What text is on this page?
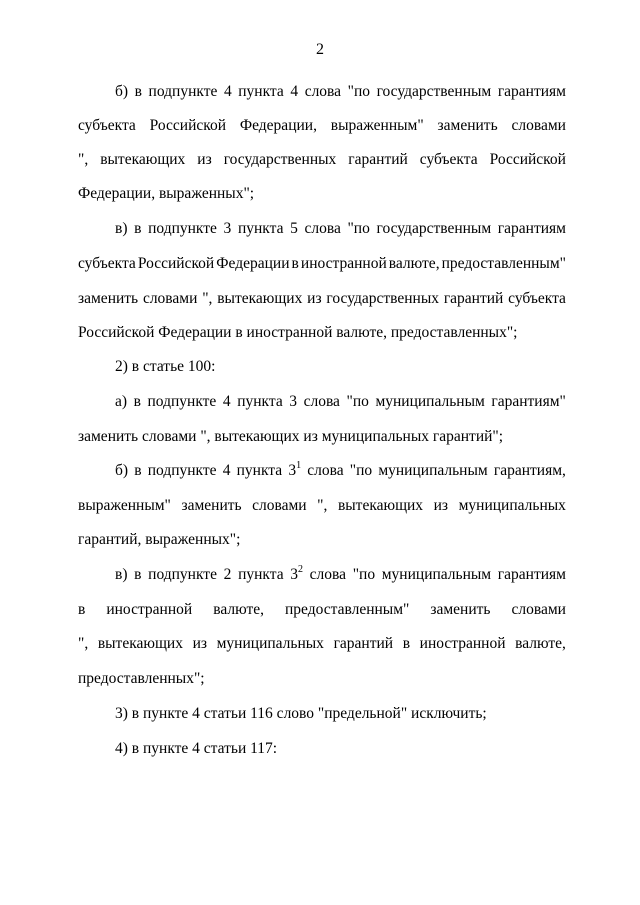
2
б) в подпункте 4 пункта 4 слова "по государственным гарантиям
субъекта Российской Федерации, выраженным" заменить словами
", вытекающих из государственных гарантий субъекта Российской
Федерации, выраженных";
в) в подпункте 3 пункта 5 слова "по государственным гарантиям
субъекта Российской Федерации в иностранной валюте, предоставленным"
заменить словами ", вытекающих из государственных гарантий субъекта
Российской Федерации в иностранной валюте, предоставленных";
2) в статье 100:
а) в подпункте 4 пункта 3 слова "по муниципальным гарантиям"
заменить словами ", вытекающих из муниципальных гарантий";
б) в подпункте 4 пункта $3^1$ слова "по муниципальным гарантиям,
выраженным" заменить словами ", вытекающих из муниципальных
гарантий, выраженных";
в) в подпункте 2 пункта $3^2$ слова "по муниципальным гарантиям
в иностранной валюте, предоставленным" заменить словами
", вытекающих из муниципальных гарантий в иностранной валюте,
предоставленных";
3) в пункте 4 статьи 116 слово "предельной" исключить;
4) в пункте 4 статьи 117:
